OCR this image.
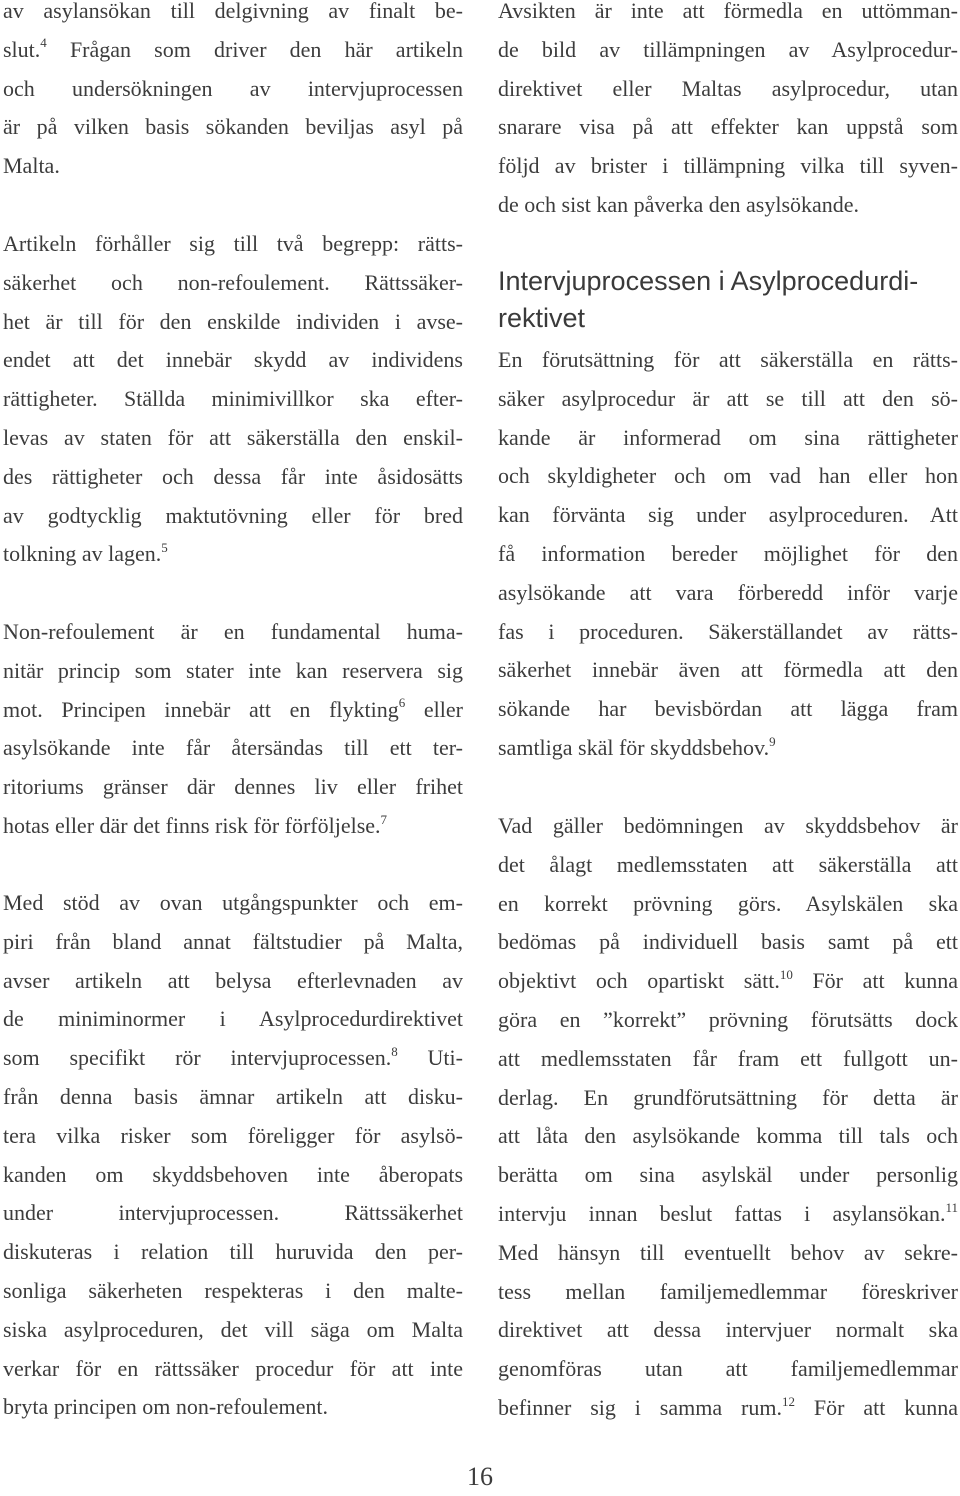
av asylansökan till delgivning av finalt be-
slut.$^4$ Frågan som driver den här artikeln
och undersökningen av intervjuprocessen
är på vilken basis sökanden beviljas asyl på
Malta.

Artikeln förhåller sig till två begrepp: rätts-
säkerhet och non-refoulement. Rättssäker-
het är till för den enskilde individen i avse-
endet att det innebär skydd av individens
rättigheter. Ställda minimivillkor ska efter-
levas av staten för att säkerställa den enskil-
des rättigheter och dessa får inte åsidosätts
av godtycklig maktutövning eller för bred
tolkning av lagen.$^5$

Non-refoulement är en fundamental huma-
nitär princip som stater inte kan reservera sig
mot. Principen innebär att en flykting$^6$ eller
asylsökande inte får återsändas till ett ter-
ritoriums gränser där dennes liv eller frihet
hotas eller där det finns risk för förföljelse.$^7$

Med stöd av ovan utgångspunkter och em-
piri från bland annat fältstudier på Malta,
avser artikeln att belysa efterlevnaden av
de miniminormer i Asylprocedurdirektivet
som specifikt rör intervjuprocessen.$^8$ Uti-
från denna basis ämnar artikeln att disku-
tera vilka risker som föreligger för asylsö-
kanden om skyddsbehoven inte åberopats
under intervjuprocessen. Rättssäkerhet
diskuteras i relation till huruvida den per-
sonliga säkerheten respekteras i den malte-
siska asylproceduren, det vill säga om Malta
verkar för en rättssäker procedur för att inte
bryta principen om non-refoulement.

Avsikten är inte att förmedla en uttömman-
de bild av tillämpningen av Asylprocedur-
direktivet eller Maltas asylprocedur, utan
snarare visa på att effekter kan uppstå som
följd av brister i tillämpning vilka till syven-
de och sist kan påverka den asylsökande.

Intervjuprocessen i Asylprocedurdi-
rektivet

En förutsättning för att säkerställa en rätts-
säker asylprocedur är att se till att den sö-
kande är informerad om sina rättigheter
och skyldigheter och om vad han eller hon
kan förvänta sig under asylproceduren. Att
få information bereder möjlighet för den
asylsökande att vara förberedd inför varje
fas i proceduren. Säkerställandet av rätts-
säkerhet innebär även att förmedla att den
sökande har bevisbördan att lägga fram
samtliga skäl för skyddsbehov.$^9$

Vad gäller bedömningen av skyddsbehov är
det ålagt medlemsstaten att säkerställa att
en korrekt prövning görs. Asylskälen ska
bedömas på individuell basis samt på ett
objektivt och opartiskt sätt.$^{10}$ För att kunna
göra en ”korrekt” prövning förutsätts dock
att medlemsstaten får fram ett fullgott un-
derlag. En grundförutsättning för detta är
att låta den asylsökande komma till tals och
berätta om sina asylskäl under personlig
intervju innan beslut fattas i asylansökan.$^{11}$
Med hänsyn till eventuellt behov av sekre-
tess mellan familjemedlemmar föreskriver
direktivet att dessa intervjuer normalt ska
genomföras utan att familjemedlemmar
befinner sig i samma rum.$^{12}$ För att kunna

16
